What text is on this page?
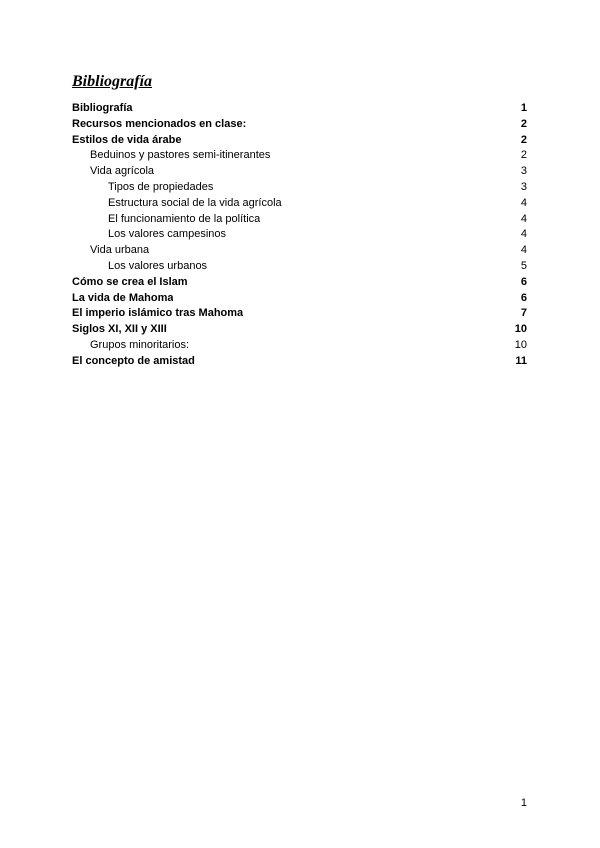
Bibliografía
Bibliografía	1
Recursos mencionados en clase:	2
Estilos de vida árabe	2
Beduinos y pastores semi-itinerantes	2
Vida agrícola	3
Tipos de propiedades	3
Estructura social de la vida agrícola	4
El funcionamiento de la política	4
Los valores campesinos	4
Vida urbana	4
Los valores urbanos	5
Cómo se crea el Islam	6
La vida de Mahoma	6
El imperio islámico tras Mahoma	7
Siglos XI, XII y XIII	10
Grupos minoritarios:	10
El concepto de amistad	11
1
